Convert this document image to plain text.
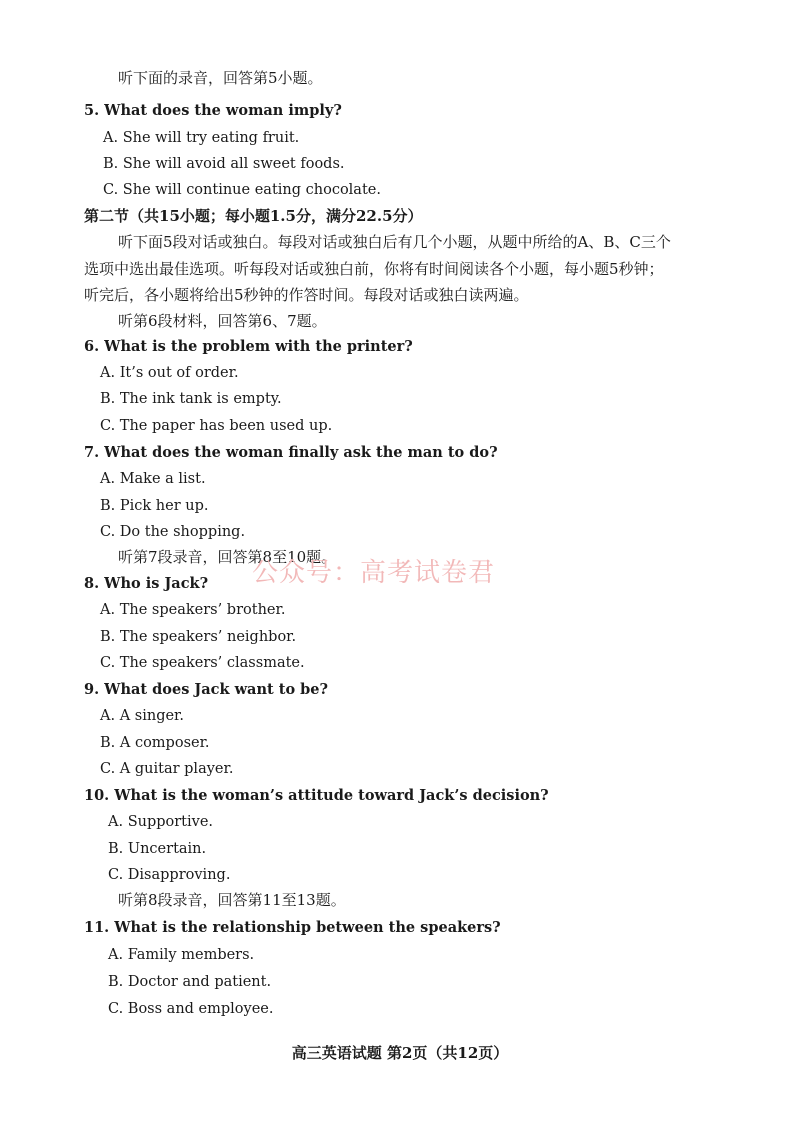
听下面的录音，回答第5小题。
5. What does the woman imply?
A. She will try eating fruit.
B. She will avoid all sweet foods.
C. She will continue eating chocolate.
第二节（共15小题；每小题1.5分，满分22.5分）
听下面5段对话或独白。每段对话或独白后有几个小题，从题中所给的A、B、C三个
选项中选出最佳选项。听每段对话或独白前，你将有时间阅读各个小题，每小题5秒钟；
听完后，各小题将给出5秒钟的作答时间。每段对话或独白读两遍。
听第6段材料，回答第6、7题。
6. What is the problem with the printer?
A. It’s out of order.
B. The ink tank is empty.
C. The paper has been used up.
7. What does the woman finally ask the man to do?
A. Make a list.
B. Pick her up.
C. Do the shopping.
听第7段录音，回答第8至10题。
8. Who is Jack?
A. The speakers’ brother.
B. The speakers’ neighbor.
C. The speakers’ classmate.
9. What does Jack want to be?
A. A singer.
B. A composer.
C. A guitar player.
10. What is the woman’s attitude toward Jack’s decision?
A. Supportive.
B. Uncertain.
C. Disapproving.
听第8段录音，回答第11至13题。
11. What is the relationship between the speakers?
A. Family members.
B. Doctor and patient.
C. Boss and employee.
公众号：高考试卷君
高三英语试题 第2页（共12页）
